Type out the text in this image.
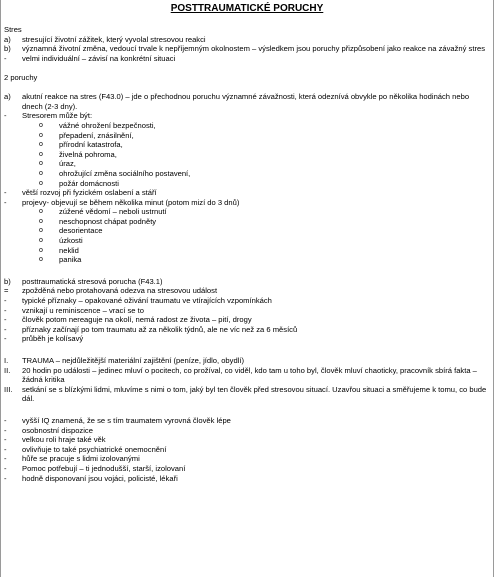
POSTTRAUMATICKÉ PORUCHY
Stres
a) stresující životní zážitek, který vyvolal stresovou reakci
b) významná životní změna, vedoucí trvale k nepříjemným okolnostem – výsledkem jsou poruchy přizpůsobení jako reakce na závažný stres
- velmi individuální – závisí na konkrétní situaci
2 poruchy
a) akutní reakce na stres (F43.0) – jde o přechodnou poruchu významné závažnosti, která odeznívá obvykle po několika hodinách nebo dnech (2-3 dny).
- Stresorem může být:
o vážné ohrožení bezpečnosti,
o přepadení, znásilnění,
o přírodní katastrofa,
o živelná pohroma,
o úraz,
o ohrožující změna sociálního postavení,
o požár domácnosti
- větší rozvoj při fyzickém oslabení a stáří
- projevy- objevují se během několika minut (potom mizí do 3 dnů)
o zúžené vědomí – neboli ustrnutí
o neschopnost chápat podněty
o desorientace
o úzkosti
o neklid
o panika
b) posttraumatická stresová porucha (F43.1)
= zpožděná nebo protahovaná odezva na stresovou událost
- typické příznaky – opakované oživání traumatu ve vtírajících vzpomínkách
- vznikají u reminiscence – vrací se to
- člověk potom nereaguje na okolí, nemá radost ze života – pití, drogy
- příznaky začínají po tom traumatu až za několik týdnů, ale ne víc než za 6 měsíců
- průběh je kolísavý
I. TRAUMA – nejdůležitější materiální zajištění (peníze, jídlo, obydlí)
II. 20 hodin po události – jedinec mluví o pocitech, co prožíval, co viděl, kdo tam u toho byl, člověk mluví chaoticky, pracovník sbírá fakta – žádná kritika
III. setkání se s blízkými lidmi, mluvíme s nimi o tom, jaký byl ten člověk před stresovou situací. Uzavřou situaci a směřujeme k tomu, co bude dál.
- vyšší IQ znamená, že se s tím traumatem vyrovná člověk lépe
- osobnostní dispozice
- velkou roli hraje také věk
- ovlivňuje to také psychiatrické onemocnění
- hůře se pracuje s lidmi izolovanými
- Pomoc potřebují – ti jednodušší, starší, izolovaní
- hodně disponovaní jsou vojáci, policisté, lékaři
